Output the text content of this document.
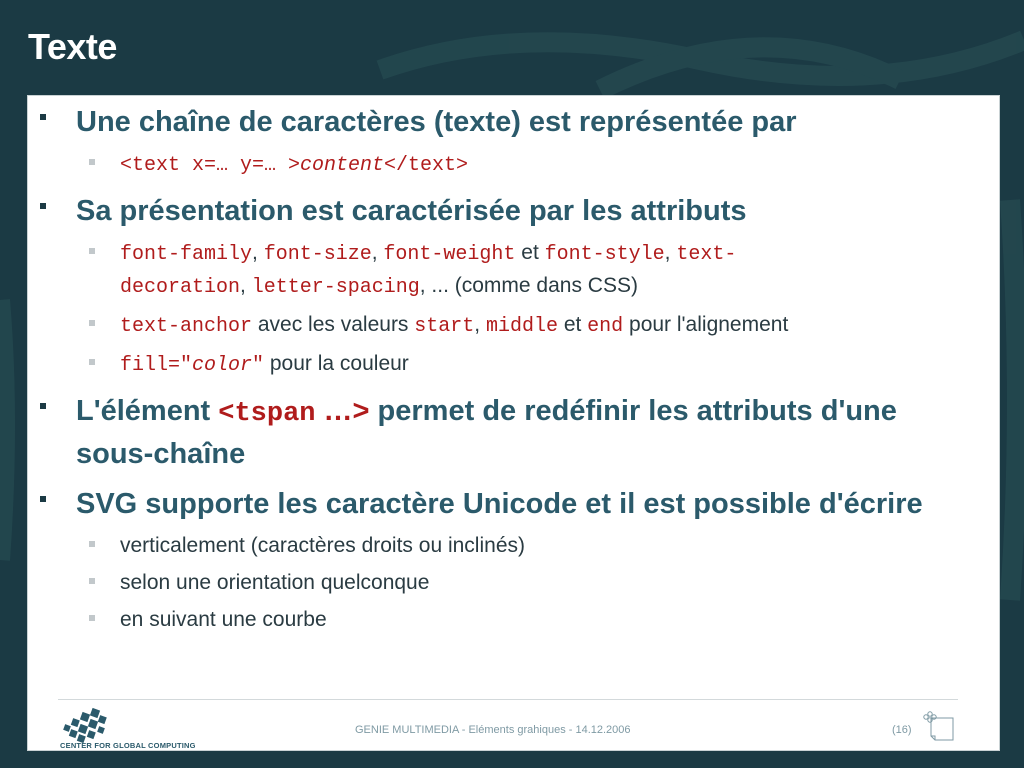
Texte
Une chaîne de caractères (texte) est représentée par
<text x=… y=… >content</text>
Sa présentation est caractérisée par les attributs
font-family, font-size, font-weight et font-style, text-
decoration, letter-spacing, ... (comme dans CSS)
text-anchor avec les valeurs start, middle et end pour l'alignement
fill="color" pour la couleur
L'élément <tspan …> permet de redéfinir les attributs d'une sous-chaîne
SVG supporte les caractère Unicode et il est possible d'écrire
verticalement (caractères droits ou inclinés)
selon une orientation quelconque
en suivant une courbe
CENTER FOR GLOBAL COMPUTING
GENIE MULTIMEDIA - Eléments grahiques - 14.12.2006	(16)
